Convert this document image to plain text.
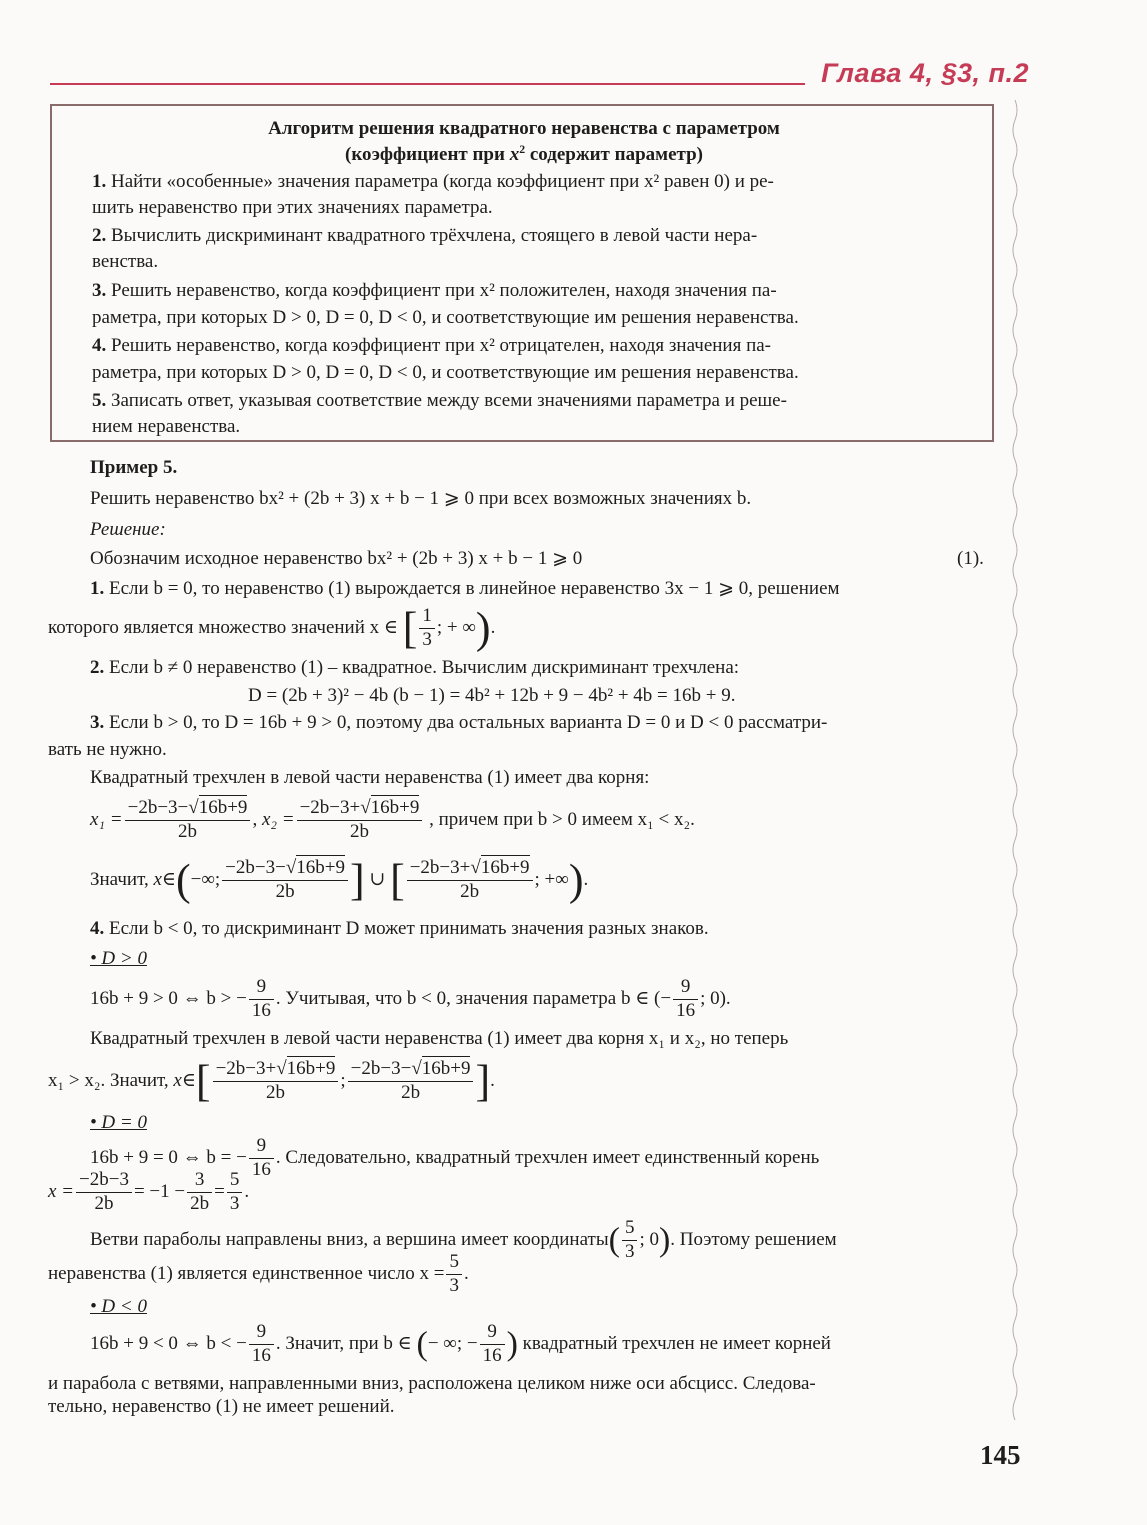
Глава 4, §3, п.2
Алгоритм решения квадратного неравенства с параметром
(коэффициент при $x^2$ содержит параметр)
1. Найти «особенные» значения параметра (когда коэффициент при x² равен 0) и ре-
шить неравенство при этих значениях параметра.
2. Вычислить дискриминант квадратного трёхчлена, стоящего в левой части нера-
венства.
3. Решить неравенство, когда коэффициент при x² положителен, находя значения па-
раметра, при которых D > 0, D = 0, D < 0, и соответствующие им решения неравенства.
4. Решить неравенство, когда коэффициент при x² отрицателен, находя значения па-
раметра, при которых D > 0, D = 0, D < 0, и соответствующие им решения неравенства.
5. Записать ответ, указывая соответствие между всеми значениями параметра и реше-
нием неравенства.
Пример 5.
Решить неравенство bx² + (2b + 3) x + b − 1 ⩾ 0 при всех возможных значениях b.
Решение:
Обозначим исходное неравенство bx² + (2b + 3) x + b − 1 ⩾ 0	(1).
1. Если b = 0, то неравенство (1) вырождается в линейное неравенство 3x − 1 ⩾ 0, решением
которого является множество значений x ∈ [ $\frac{1}{3}$ ; + ∞).
2. Если b ≠ 0 неравенство (1) – квадратное. Вычислим дискриминант трехчлена:
D = (2b + 3)² − 4b (b − 1) = 4b² + 12b + 9 − 4b² + 4b = 16b + 9.
3. Если b > 0, то D = 16b + 9 > 0, поэтому два остальных варианта D = 0 и D < 0 рассматри-
вать не нужно.
Квадратный трехчлен в левой части неравенства (1) имеет два корня:
$x_1 = \frac{-2b-3-√16b+9}{2b}$ , $x_2 = \frac{-2b-3+√16b+9}{2b}$ , причем при b > 0 имеем x₁ < x₂.
Значит, x∈(−∞; $\frac{-2b-3-√16b+9}{2b}$ ] ∪ [ $\frac{-2b-3+√16b+9}{2b}$ ; +∞).
4. Если b < 0, то дискриминант D может принимать значения разных знаков.
• D > 0
16b + 9 > 0 ⇔ b > − $\frac{9}{16}$ . Учитывая, что b < 0, значения параметра b ∈ (− $\frac{9}{16}$ ; 0).
Квадратный трехчлен в левой части неравенства (1) имеет два корня x₁ и x₂, но теперь
x₁ > x₂. Значит, x∈[ $\frac{-2b-3+√16b+9}{2b}$ ; $\frac{-2b-3-√16b+9}{2b}$ ].
• D = 0
16b + 9 = 0 ⇔ b = − $\frac{9}{16}$ . Следовательно, квадратный трехчлен имеет единственный корень
$x = \frac{-2b-3}{2b} = -1 - \frac{3}{2b} = \frac{5}{3}$ .
Ветви параболы направлены вниз, а вершина имеет координаты( $\frac{5}{3}$ ; 0). Поэтому решением
неравенства (1) является единственное число $x = \frac{5}{3}$ .
• D < 0
16b + 9 < 0 ⇔ b < − $\frac{9}{16}$ . Значит, при b ∈ (− ∞; − $\frac{9}{16}$ ) квадратный трехчлен не имеет корней
и парабола с ветвями, направленными вниз, расположена целиком ниже оси абсцисс. Следова-
тельно, неравенство (1) не имеет решений.
145
